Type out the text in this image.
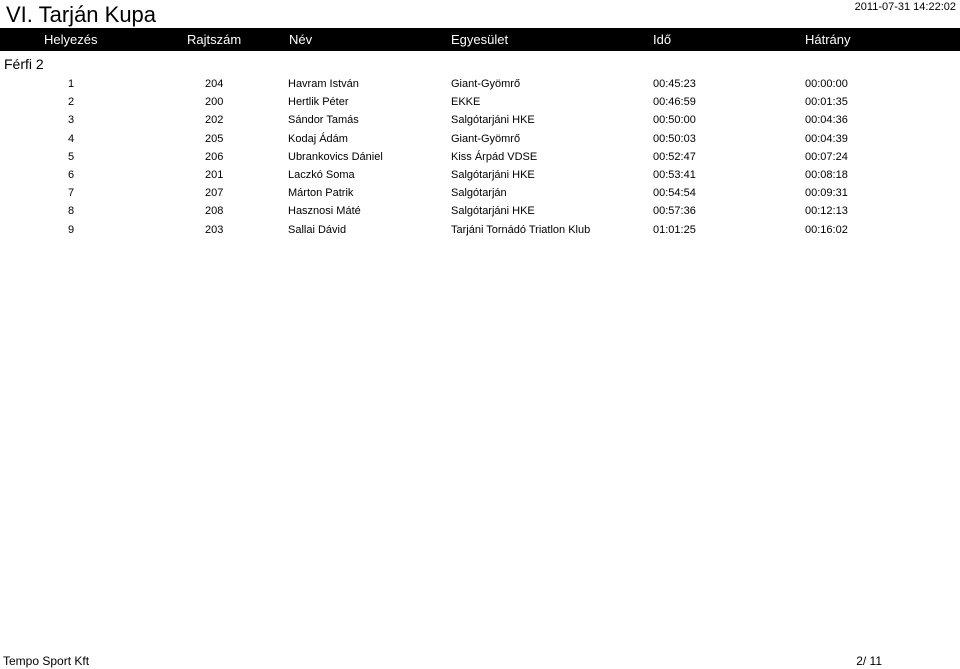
VI. Tarján Kupa	2011-07-31 14:22:02
Helyezés	Rajtszám	Név	Egyesület	Idő	Hátrány
Férfi 2
1	204	Havram István	Giant-Gyömrő	00:45:23	00:00:00
2	200	Hertlik Péter	EKKE	00:46:59	00:01:35
3	202	Sándor Tamás	Salgótarjáni HKE	00:50:00	00:04:36
4	205	Kodaj Ádám	Giant-Gyömrő	00:50:03	00:04:39
5	206	Ubrankovics Dániel	Kiss Árpád VDSE	00:52:47	00:07:24
6	201	Laczkó Soma	Salgótarjáni HKE	00:53:41	00:08:18
7	207	Márton Patrik	Salgótarján	00:54:54	00:09:31
8	208	Hasznosi Máté	Salgótarjáni HKE	00:57:36	00:12:13
9	203	Sallai Dávid	Tarjáni Tornádó Triatlon Klub	01:01:25	00:16:02
Tempo Sport Kft	2/ 11
